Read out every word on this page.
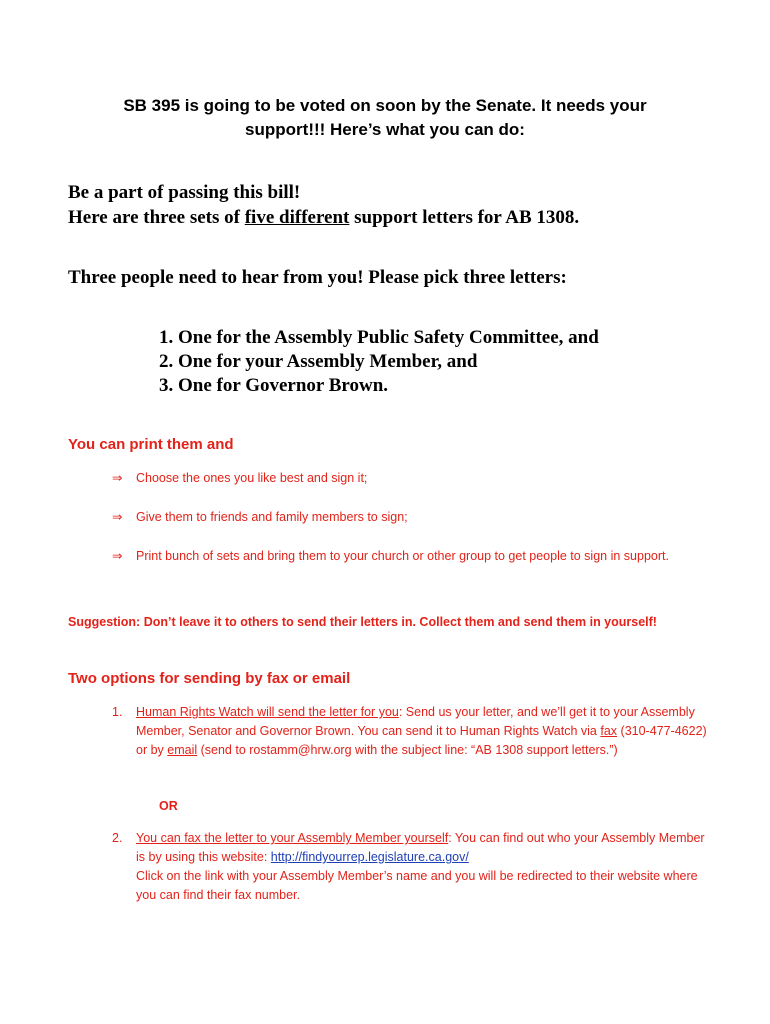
SB 395 is going to be voted on soon by the Senate. It needs your
support!!! Here’s what you can do:
Be a part of passing this bill!
Here are three sets of five different support letters for AB 1308.
Three people need to hear from you! Please pick three letters:
1. One for the Assembly Public Safety Committee, and
2. One for your Assembly Member, and
3. One for Governor Brown.
You can print them and
⇒	Choose the ones you like best and sign it;
⇒	Give them to friends and family members to sign;
⇒	Print bunch of sets and bring them to your church or other group to get people to sign in support.
Suggestion: Don’t leave it to others to send their letters in. Collect them and send them in yourself!
Two options for sending by fax or email
1. Human Rights Watch will send the letter for you: Send us your letter, and we’ll get it to your Assembly Member, Senator and Governor Brown. You can send it to Human Rights Watch via fax (310-477-4622) or by email (send to rostamm@hrw.org with the subject line: “AB 1308 support letters.”)
OR
2. You can fax the letter to your Assembly Member yourself: You can find out who your Assembly Member is by using this website: http://findyourrep.legislature.ca.gov/
Click on the link with your Assembly Member’s name and you will be redirected to their website where you can find their fax number.
